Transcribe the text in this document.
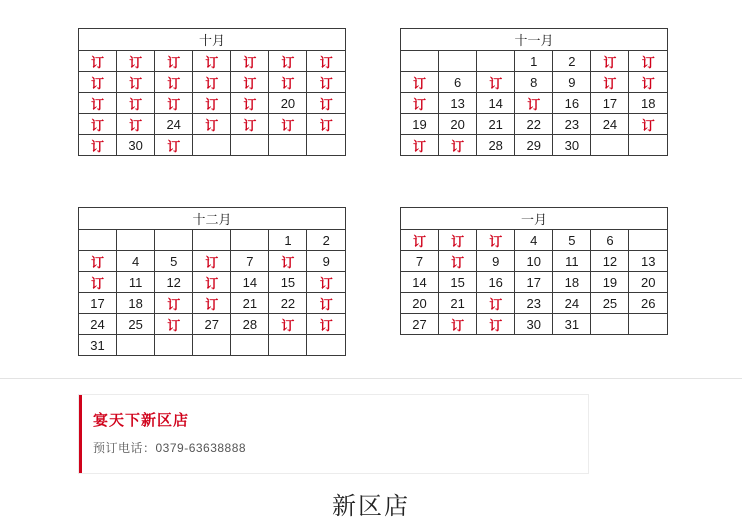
十月						
订	订	订	订	订	订	订
订	订	订	订	订	订	订
订	订	订	订	订	20	订
订	订	24	订	订	订	订
订	30	订				
十一月						
			1	2	订	订
订	6	订	8	9	订	订
订	13	14	订	16	17	18
19	20	21	22	23	24	订
订	订	28	29	30		
十二月						
					1	2
订	4	5	订	7	订	9
订	11	12	订	14	15	订
17	18	订	订	21	22	订
24	25	订	27	28	订	订
31						
一月						
订	订	订	4	5	6	
7	订	9	10	11	12	13
14	15	16	17	18	19	20
20	21	订	23	24	25	26
27	订	订	30	31		
宴天下新区店
预订电话：0379-63638888
新区店
